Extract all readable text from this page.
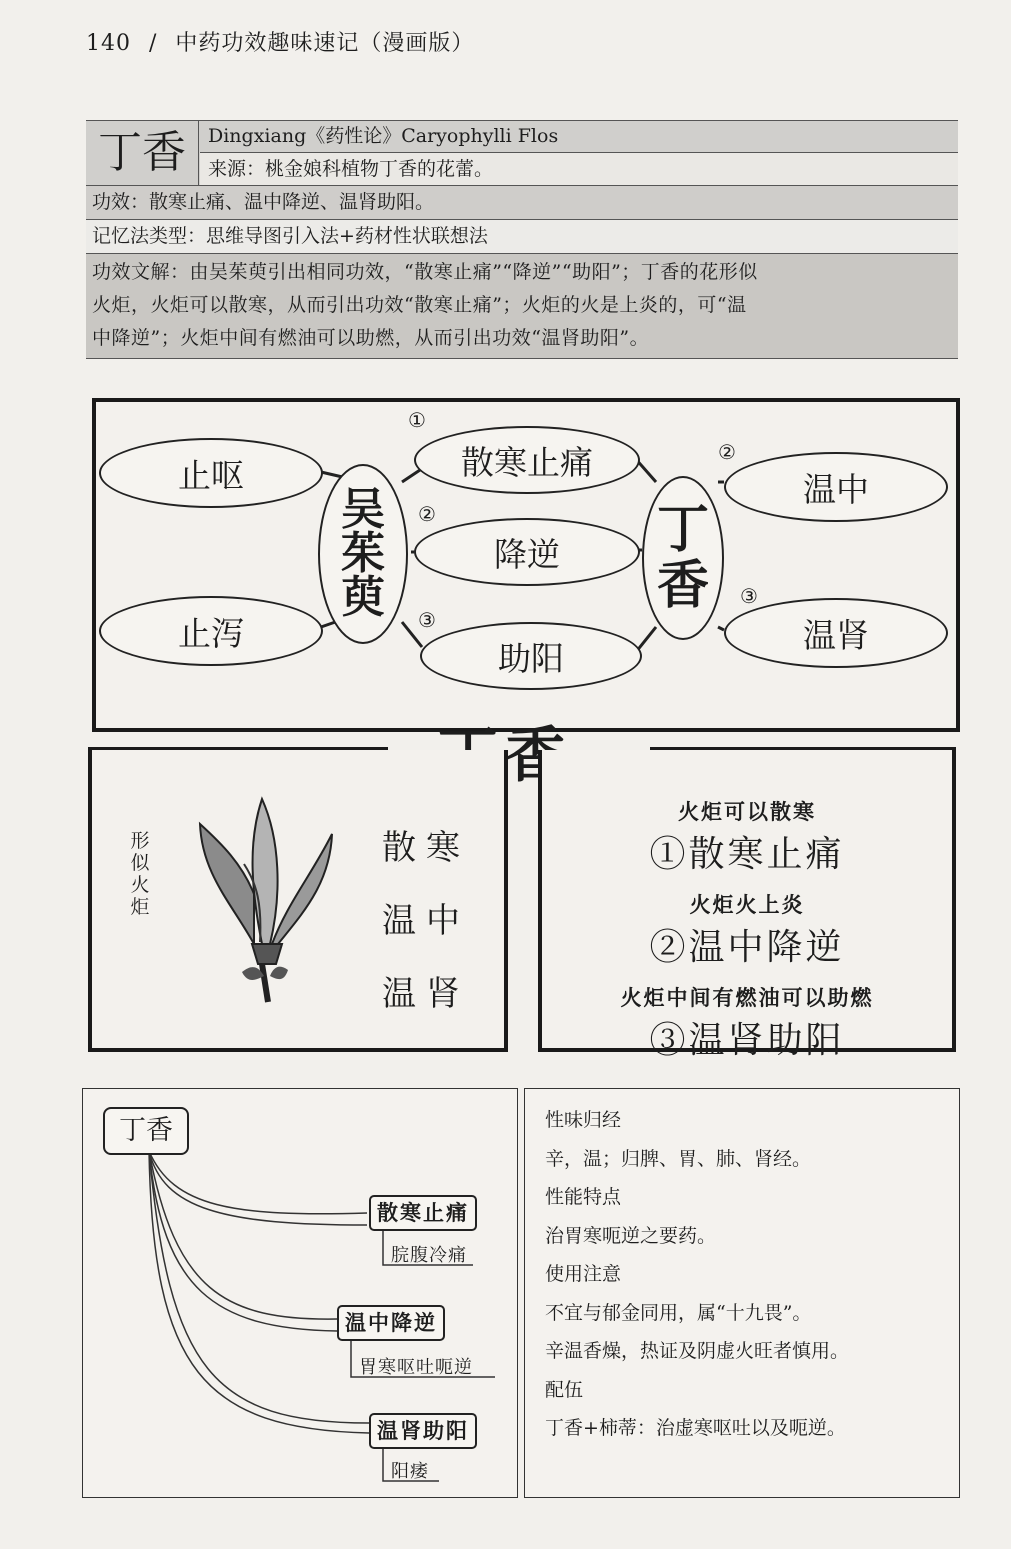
140 / 中药功效趣味速记（漫画版）
丁香	Dingxiang《药性论》Caryophylli Flos
来源：桃金娘科植物丁香的花蕾。
功效：散寒止痛、温中降逆、温肾助阳。
记忆法类型：思维导图引入法+药材性状联想法
功效文解：由吴茱萸引出相同功效，“散寒止痛”“降逆”“助阳”；丁香的花形似
火炬，火炬可以散寒，从而引出功效“散寒止痛”；火炬的火是上炎的，可“温
中降逆”；火炬中间有燃油可以助燃，从而引出功效“温肾助阳”。
止呕
止泻
吴
茱
萸
①
②
③
散寒止痛
降逆
助阳
丁
香
②
③
温中
温肾
形
似
火
炬
散寒
温中
温肾
火炬可以散寒
①散寒止痛
火炬火上炎
②温中降逆
火炬中间有燃油可以助燃
③温肾助阳
丁香
散寒止痛
脘腹冷痛
温中降逆
胃寒呕吐呃逆
温肾助阳
阳痿
性味归经
辛，温；归脾、胃、肺、肾经。
性能特点
治胃寒呃逆之要药。
使用注意
不宜与郁金同用，属“十九畏”。
辛温香燥，热证及阴虚火旺者慎用。
配伍
丁香+柿蒂：治虚寒呕吐以及呃逆。
